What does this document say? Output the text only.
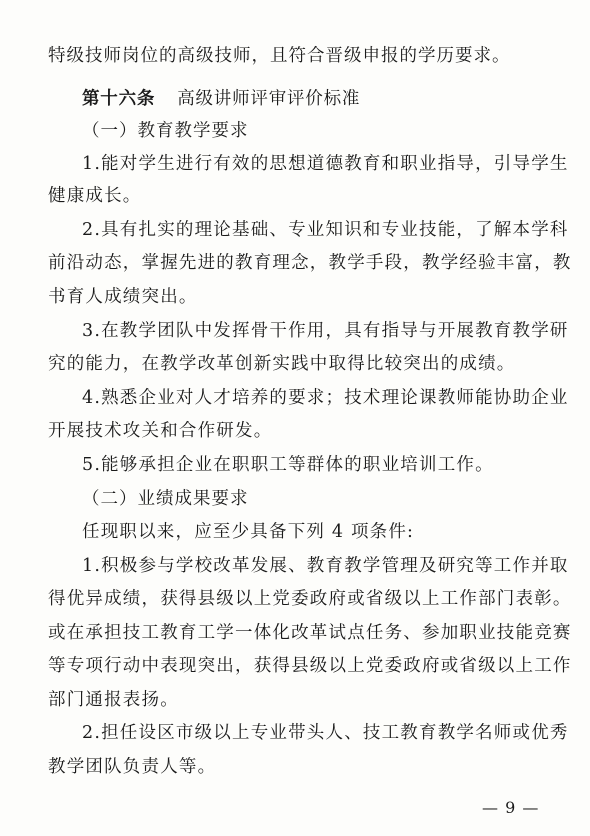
特级技师岗位的高级技师，且符合晋级申报的学历要求。
第十六条 高级讲师评审评价标准
（一）教育教学要求
1.能对学生进行有效的思想道德教育和职业指导，引导学生
健康成长。
2.具有扎实的理论基础、专业知识和专业技能，了解本学科
前沿动态，掌握先进的教育理念，教学手段，教学经验丰富，教
书育人成绩突出。
3.在教学团队中发挥骨干作用，具有指导与开展教育教学研
究的能力，在教学改革创新实践中取得比较突出的成绩。
4.熟悉企业对人才培养的要求；技术理论课教师能协助企业
开展技术攻关和合作研发。
5.能够承担企业在职职工等群体的职业培训工作。
（二）业绩成果要求
任现职以来，应至少具备下列 4 项条件:
1.积极参与学校改革发展、教育教学管理及研究等工作并取
得优异成绩，获得县级以上党委政府或省级以上工作部门表彰。
或在承担技工教育工学一体化改革试点任务、参加职业技能竞赛
等专项行动中表现突出，获得县级以上党委政府或省级以上工作
部门通报表扬。
2.担任设区市级以上专业带头人、技工教育教学名师或优秀
教学团队负责人等。
— 9 —
